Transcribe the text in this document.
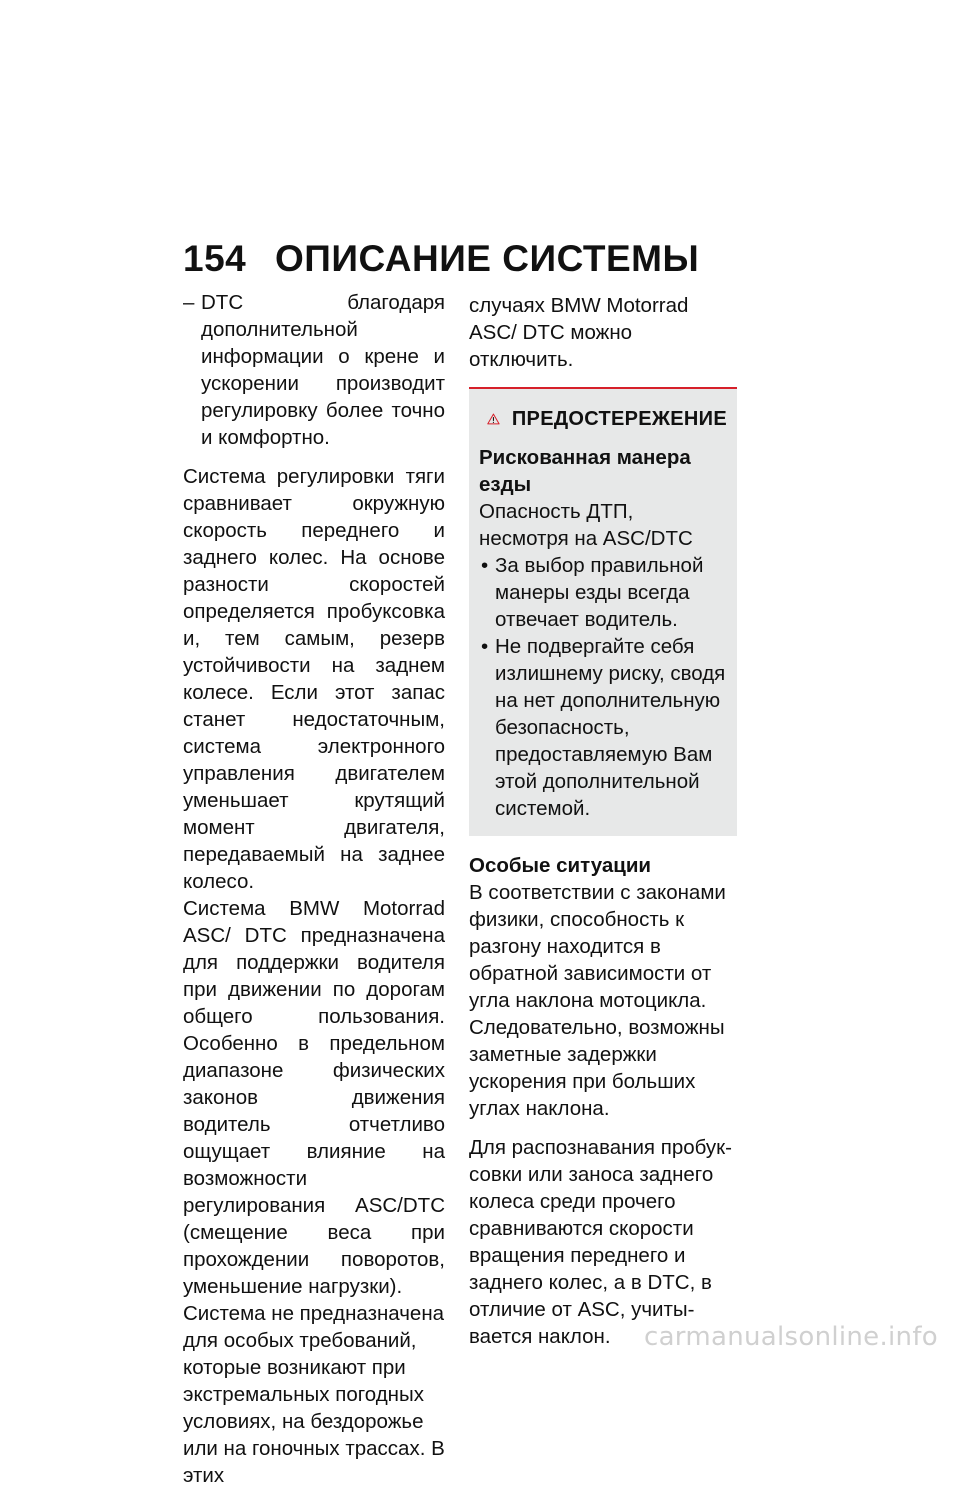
154 ОПИСАНИЕ СИСТЕМЫ
– DTC благодаря дополнительной информации о крене и ускорении производит регулировку более точно и комфортно.

Система регулировки тяги сравнивает окружную скорость переднего и заднего колес. На основе разности скоростей определяется пробуксовка и, тем самым, резерв устойчивости на заднем колесе. Если этот запас станет недостаточным, система электронного управления двигателем уменьшает крутящий момент двигателя, передаваемый на заднее колесо.

Система BMW Motorrad ASC/ DTC предназначена для поддержки водителя при движении по дорогам общего пользования. Особенно в предельном диапазоне физических законов движения водитель отчетливо ощущает влияние на возможности регулирования ASC/DTC (смещение веса при прохождении поворотов, уменьшение нагрузки).

Система не предназначена для особых требований, которые возникают при экстремальных погодных условиях, на бездорожье или на гоночных трассах. В этих

случаях BMW Motorrad ASC/ DTC можно отключить.

ПРЕДОСТЕРЕЖЕНИЕ
Рискованная манера езды
Опасность ДТП, несмотря на ASC/DTC
• За выбор правильной манеры езды всегда отвечает водитель.
• Не подвергайте себя излишнему риску, сводя на нет дополнительную безопасность, предоставляемую Вам этой дополнительной системой.
Особые ситуации

В соответствии с законами физики, способность к разгону находится в обратной зависимости от угла наклона мотоцикла. Следовательно, возможны заметные задержки ускорения при больших углах наклона.

Для распознавания пробуксовки или заноса заднего колеса среди прочего сравниваются скорости вращения переднего и заднего колес, а в DTC, в отличие от ASC, учитывается наклон.	carmanualsonline.info
